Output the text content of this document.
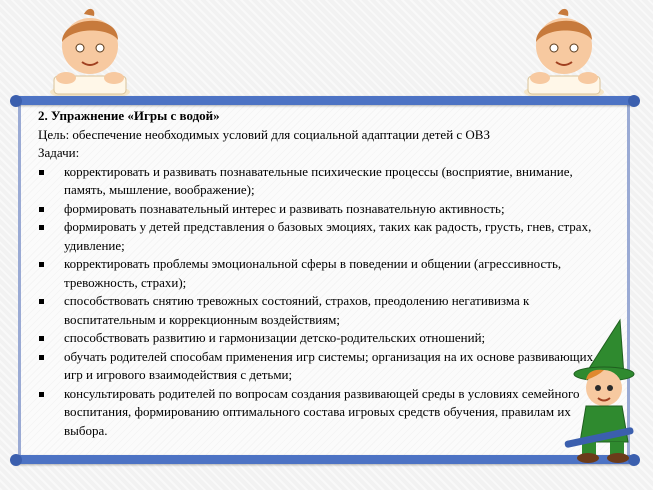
2. Упражнение «Игры с водой»
Цель: обеспечение необходимых условий для социальной адаптации детей с ОВЗ
Задачи:
корректировать и развивать познавательные психические процессы (восприятие, внимание, память, мышление, воображение);
формировать познавательный интерес и развивать познавательную активность;
формировать у детей представления о базовых эмоциях, таких как радость, грусть, гнев, страх, удивление;
корректировать проблемы эмоциональной сферы в поведении и общении (агрессивность, тревожность, страхи);
способствовать снятию тревожных состояний, страхов, преодолению негативизма к воспитательным и коррекционным воздействиям;
способствовать развитию и гармонизации детско-родительских отношений;
обучать родителей способам применения игр системы; организация на их основе развивающих игр и игрового взаимодействия с детьми;
консультировать родителей по вопросам создания развивающей среды в условиях семейного воспитания, формированию оптимального состава игровых средств обучения, правилам их выбора.
